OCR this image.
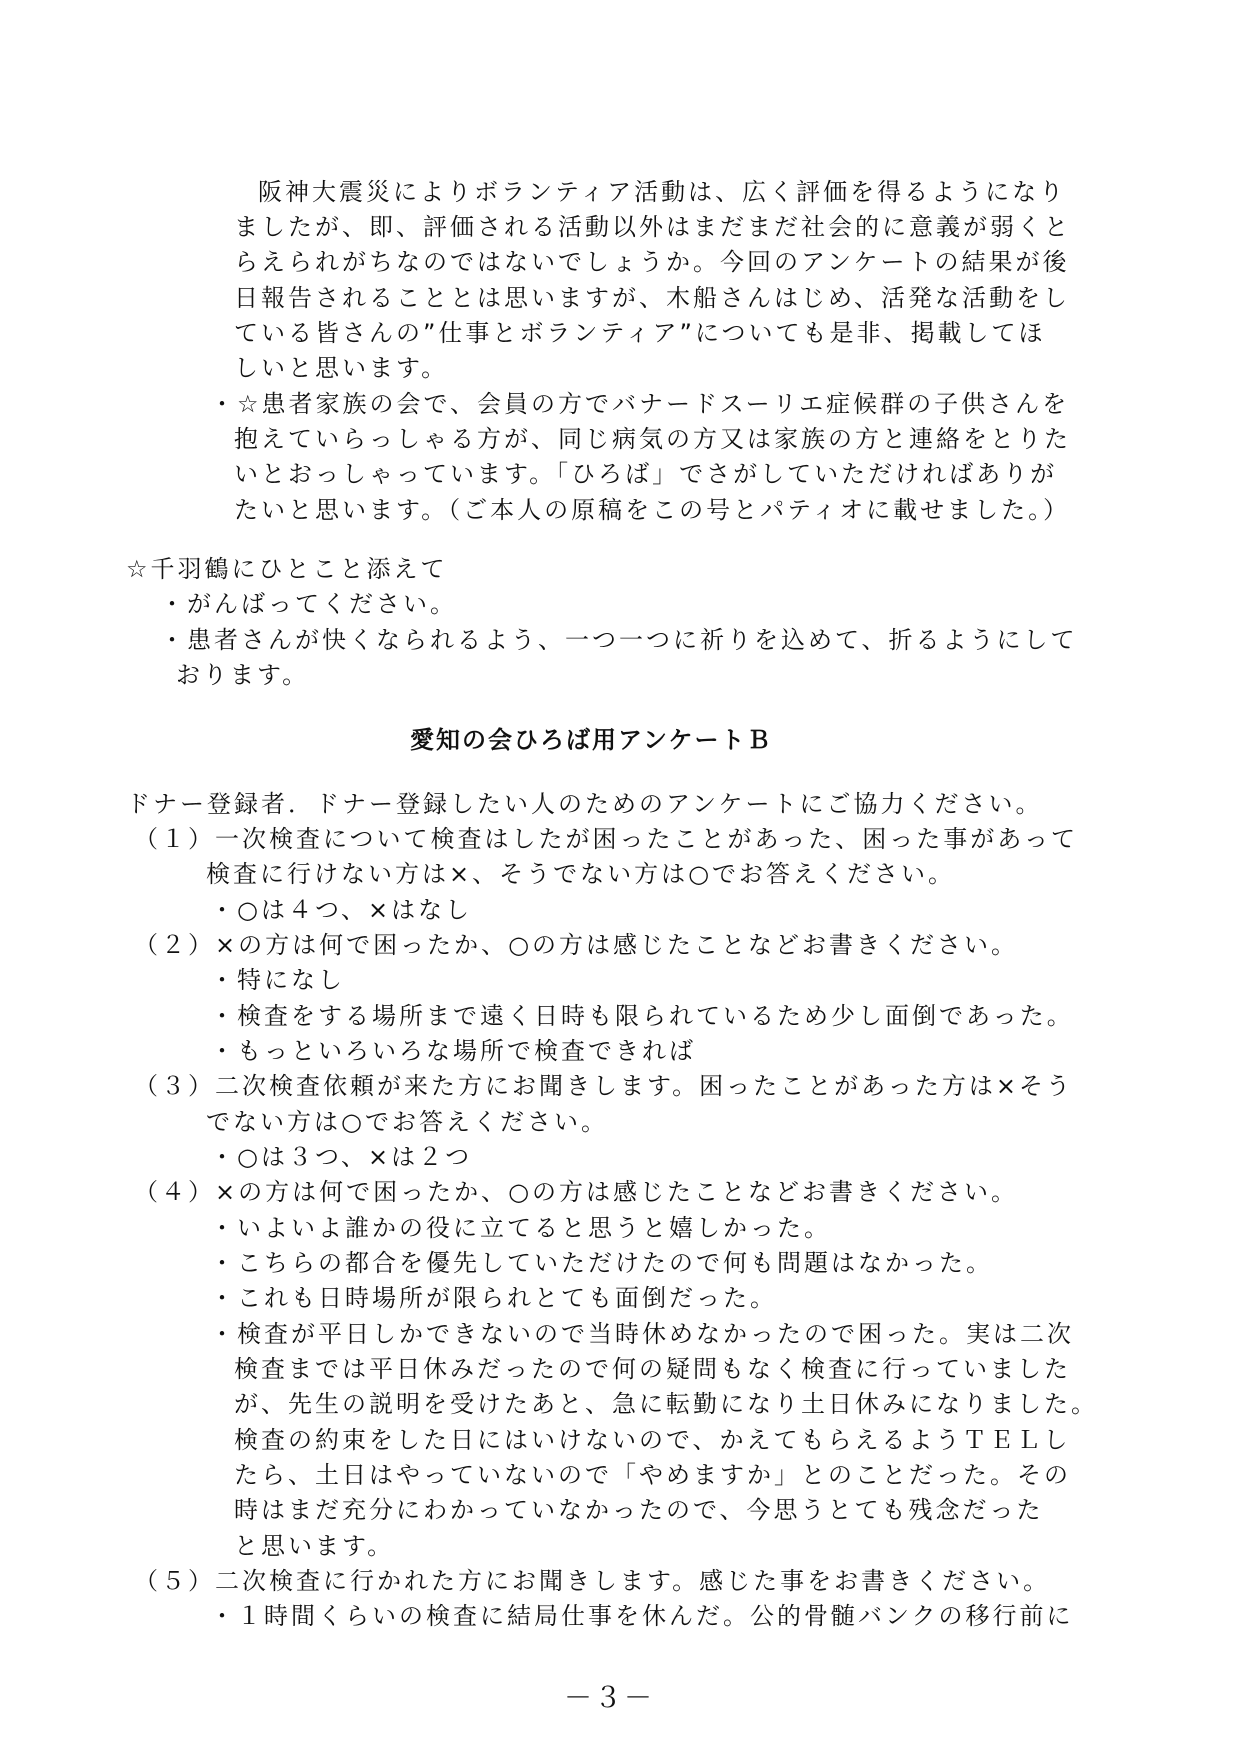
阪神大震災によりボランティア活動は、広く評価を得るようになり
ましたが、即、評価される活動以外はまだまだ社会的に意義が弱くと
らえられがちなのではないでしょうか。今回のアンケートの結果が後
日報告されることとは思いますが、木船さんはじめ、活発な活動をし
ている皆さんの”仕事とボランティア”についても是非、掲載してほ
しいと思います。
・☆患者家族の会で、会員の方でバナードスーリエ症候群の子供さんを
抱えていらっしゃる方が、同じ病気の方又は家族の方と連絡をとりた
いとおっしゃっています。「ひろば」でさがしていただければありが
たいと思います。（ご本人の原稿をこの号とパティオに載せました。）
☆千羽鶴にひとこと添えて
・がんばってください。
・患者さんが快くなられるよう、一つ一つに祈りを込めて、折るようにして
おります。
愛知の会ひろば用アンケートＢ
ドナー登録者．ドナー登録したい人のためのアンケートにご協力ください。
（１）一次検査について検査はしたが困ったことがあった、困った事があって
検査に行けない方は×、そうでない方は○でお答えください。
・○は４つ、×はなし
（２）×の方は何で困ったか、○の方は感じたことなどお書きください。
・特になし
・検査をする場所まで遠く日時も限られているため少し面倒であった。
・もっといろいろな場所で検査できれば
（３）二次検査依頼が来た方にお聞きします。困ったことがあった方は×そう
でない方は○でお答えください。
・○は３つ、×は２つ
（４）×の方は何で困ったか、○の方は感じたことなどお書きください。
・いよいよ誰かの役に立てると思うと嬉しかった。
・こちらの都合を優先していただけたので何も問題はなかった。
・これも日時場所が限られとても面倒だった。
・検査が平日しかできないので当時休めなかったので困った。実は二次
検査までは平日休みだったので何の疑問もなく検査に行っていました
が、先生の説明を受けたあと、急に転勤になり土日休みになりました。
検査の約束をした日にはいけないので、かえてもらえるようＴＥＬし
たら、土日はやっていないので「やめますか」とのことだった。その
時はまだ充分にわかっていなかったので、今思うとても残念だった
と思います。
（５）二次検査に行かれた方にお聞きします。感じた事をお書きください。
・１時間くらいの検査に結局仕事を休んだ。公的骨髄バンクの移行前に
－３－
